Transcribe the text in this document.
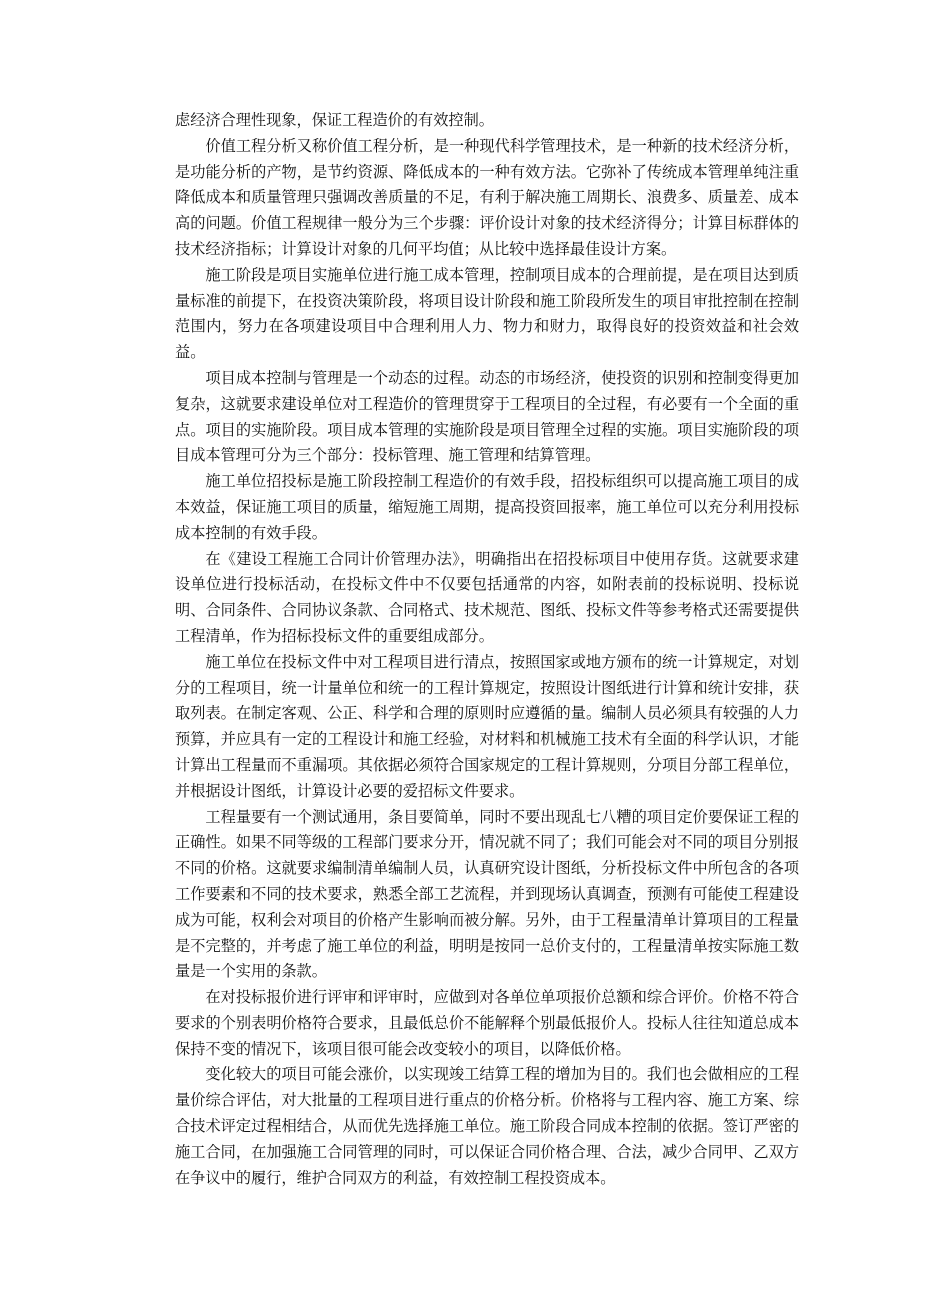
虑经济合理性现象，保证工程造价的有效控制。

价值工程分析又称价值工程分析，是一种现代科学管理技术，是一种新的技术经济分析，是功能分析的产物，是节约资源、降低成本的一种有效方法。它弥补了传统成本管理单纯注重降低成本和质量管理只强调改善质量的不足，有利于解决施工周期长、浪费多、质量差、成本高的问题。价值工程规律一般分为三个步骤：评价设计对象的技术经济得分；计算目标群体的技术经济指标；计算设计对象的几何平均值；从比较中选择最佳设计方案。

施工阶段是项目实施单位进行施工成本管理，控制项目成本的合理前提，是在项目达到质量标准的前提下，在投资决策阶段，将项目设计阶段和施工阶段所发生的项目审批控制在控制范围内，努力在各项建设项目中合理利用人力、物力和财力，取得良好的投资效益和社会效益。

项目成本控制与管理是一个动态的过程。动态的市场经济，使投资的识别和控制变得更加复杂，这就要求建设单位对工程造价的管理贯穿于工程项目的全过程，有必要有一个全面的重点。项目的实施阶段。项目成本管理的实施阶段是项目管理全过程的实施。项目实施阶段的项目成本管理可分为三个部分：投标管理、施工管理和结算管理。

施工单位招投标是施工阶段控制工程造价的有效手段，招投标组织可以提高施工项目的成本效益，保证施工项目的质量，缩短施工周期，提高投资回报率，施工单位可以充分利用投标成本控制的有效手段。

在《建设工程施工合同计价管理办法》，明确指出在招投标项目中使用存货。这就要求建设单位进行投标活动，在投标文件中不仅要包括通常的内容，如附表前的投标说明、投标说明、合同条件、合同协议条款、合同格式、技术规范、图纸、投标文件等参考格式还需要提供工程清单，作为招标投标文件的重要组成部分。

施工单位在投标文件中对工程项目进行清点，按照国家或地方颁布的统一计算规定，对划分的工程项目，统一计量单位和统一的工程计算规定，按照设计图纸进行计算和统计安排，获取列表。在制定客观、公正、科学和合理的原则时应遵循的量。编制人员必须具有较强的人力预算，并应具有一定的工程设计和施工经验，对材料和机械施工技术有全面的科学认识，才能计算出工程量而不重漏项。其依据必须符合国家规定的工程计算规则，分项目分部工程单位，并根据设计图纸，计算设计必要的爱招标文件要求。

工程量要有一个测试通用，条目要简单，同时不要出现乱七八糟的项目定价要保证工程的正确性。如果不同等级的工程部门要求分开，情况就不同了；我们可能会对不同的项目分别报不同的价格。这就要求编制清单编制人员，认真研究设计图纸，分析投标文件中所包含的各项工作要素和不同的技术要求，熟悉全部工艺流程，并到现场认真调查，预测有可能使工程建设成为可能，权利会对项目的价格产生影响而被分解。另外，由于工程量清单计算项目的工程量是不完整的，并考虑了施工单位的利益，明明是按同一总价支付的，工程量清单按实际施工数量是一个实用的条款。

在对投标报价进行评审和评审时，应做到对各单位单项报价总额和综合评价。价格不符合要求的个别表明价格符合要求，且最低总价不能解释个别最低报价人。投标人往往知道总成本保持不变的情况下，该项目很可能会改变较小的项目，以降低价格。

变化较大的项目可能会涨价，以实现竣工结算工程的增加为目的。我们也会做相应的工程量价综合评估，对大批量的工程项目进行重点的价格分析。价格将与工程内容、施工方案、综合技术评定过程相结合，从而优先选择施工单位。施工阶段合同成本控制的依据。签订严密的施工合同，在加强施工合同管理的同时，可以保证合同价格合理、合法，减少合同甲、乙双方在争议中的履行，维护合同双方的利益，有效控制工程投资成本。
